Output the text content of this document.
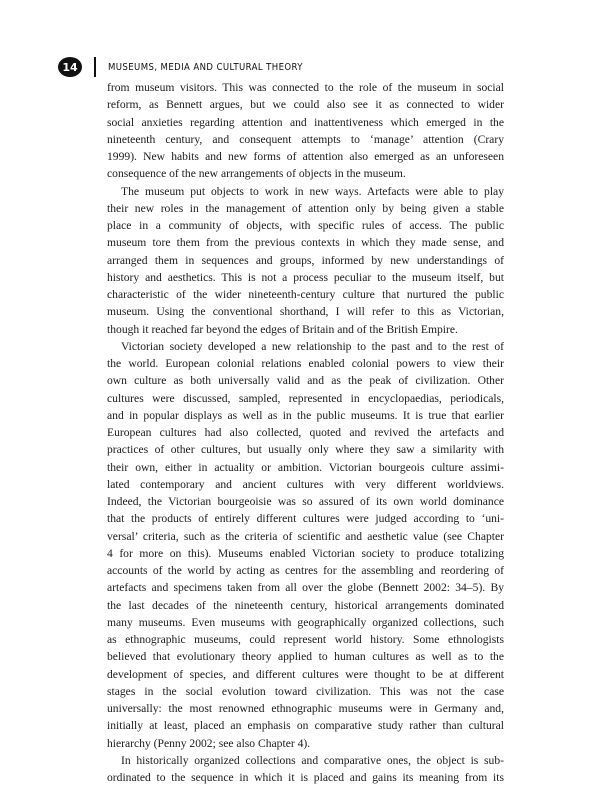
14	MUSEUMS, MEDIA AND CULTURAL THEORY
from museum visitors. This was connected to the role of the museum in social
reform, as Bennett argues, but we could also see it as connected to wider
social anxieties regarding attention and inattentiveness which emerged in the
nineteenth century, and consequent attempts to ‘manage’ attention (Crary
1999). New habits and new forms of attention also emerged as an unforeseen
consequence of the new arrangements of objects in the museum.
The museum put objects to work in new ways. Artefacts were able to play
their new roles in the management of attention only by being given a stable
place in a community of objects, with specific rules of access. The public
museum tore them from the previous contexts in which they made sense, and
arranged them in sequences and groups, informed by new understandings of
history and aesthetics. This is not a process peculiar to the museum itself, but
characteristic of the wider nineteenth-century culture that nurtured the public
museum. Using the conventional shorthand, I will refer to this as Victorian,
though it reached far beyond the edges of Britain and of the British Empire.
Victorian society developed a new relationship to the past and to the rest of
the world. European colonial relations enabled colonial powers to view their
own culture as both universally valid and as the peak of civilization. Other
cultures were discussed, sampled, represented in encyclopaedias, periodicals,
and in popular displays as well as in the public museums. It is true that earlier
European cultures had also collected, quoted and revived the artefacts and
practices of other cultures, but usually only where they saw a similarity with
their own, either in actuality or ambition. Victorian bourgeois culture assimi-
lated contemporary and ancient cultures with very different worldviews.
Indeed, the Victorian bourgeoisie was so assured of its own world dominance
that the products of entirely different cultures were judged according to ‘uni-
versal’ criteria, such as the criteria of scientific and aesthetic value (see Chapter
4 for more on this). Museums enabled Victorian society to produce totalizing
accounts of the world by acting as centres for the assembling and reordering of
artefacts and specimens taken from all over the globe (Bennett 2002: 34–5). By
the last decades of the nineteenth century, historical arrangements dominated
many museums. Even museums with geographically organized collections, such
as ethnographic museums, could represent world history. Some ethnologists
believed that evolutionary theory applied to human cultures as well as to the
development of species, and different cultures were thought to be at different
stages in the social evolution toward civilization. This was not the case
universally: the most renowned ethnographic museums were in Germany and,
initially at least, placed an emphasis on comparative study rather than cultural
hierarchy (Penny 2002; see also Chapter 4).
In historically organized collections and comparative ones, the object is sub-
ordinated to the sequence in which it is placed and gains its meaning from its
